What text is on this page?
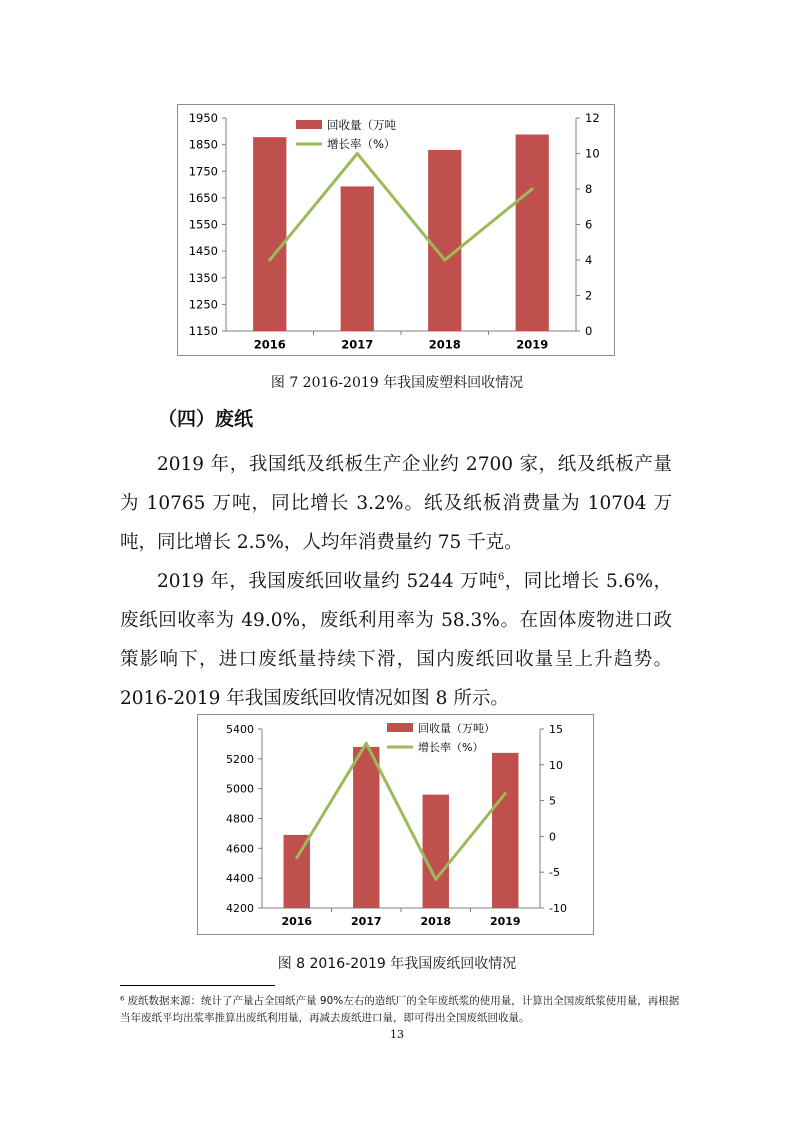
1150
1250
1350
1450
1550
1650
1750
1850
1950
0
2
4
6
8
10
12
2016	2017	2018	2019
回收量（万吨
增长率（%）
图 7 2016-2019 年我国废塑料回收情况
（四）废纸

2019 年，我国纸及纸板生产企业约 2700 家，纸及纸板产量为 10765 万吨，同比增长 3.2%。纸及纸板消费量为 10704 万吨，同比增长 2.5%，人均年消费量约 75 千克。

2019 年，我国废纸回收量约 5244 万吨$^6$，同比增长 5.6%，废纸回收率为 49.0%，废纸利用率为 58.3%。在固体废物进口政策影响下，进口废纸量持续下滑，国内废纸回收量呈上升趋势。2016-2019 年我国废纸回收情况如图 8 所示。

4200
4400
4600
4800
5000
5200
5400
-10
-5
0
5
10
15
2016	2017	2018	2019
回收量（万吨）
增长率（%）
图 8 2016-2019 年我国废纸回收情况
⁶ 废纸数据来源：统计了产量占全国纸产量 90%左右的造纸厂的全年废纸浆的使用量，计算出全国废纸浆使用量，再根据当年废纸平均出浆率推算出废纸利用量，再减去废纸进口量，即可得出全国废纸回收量。
13
